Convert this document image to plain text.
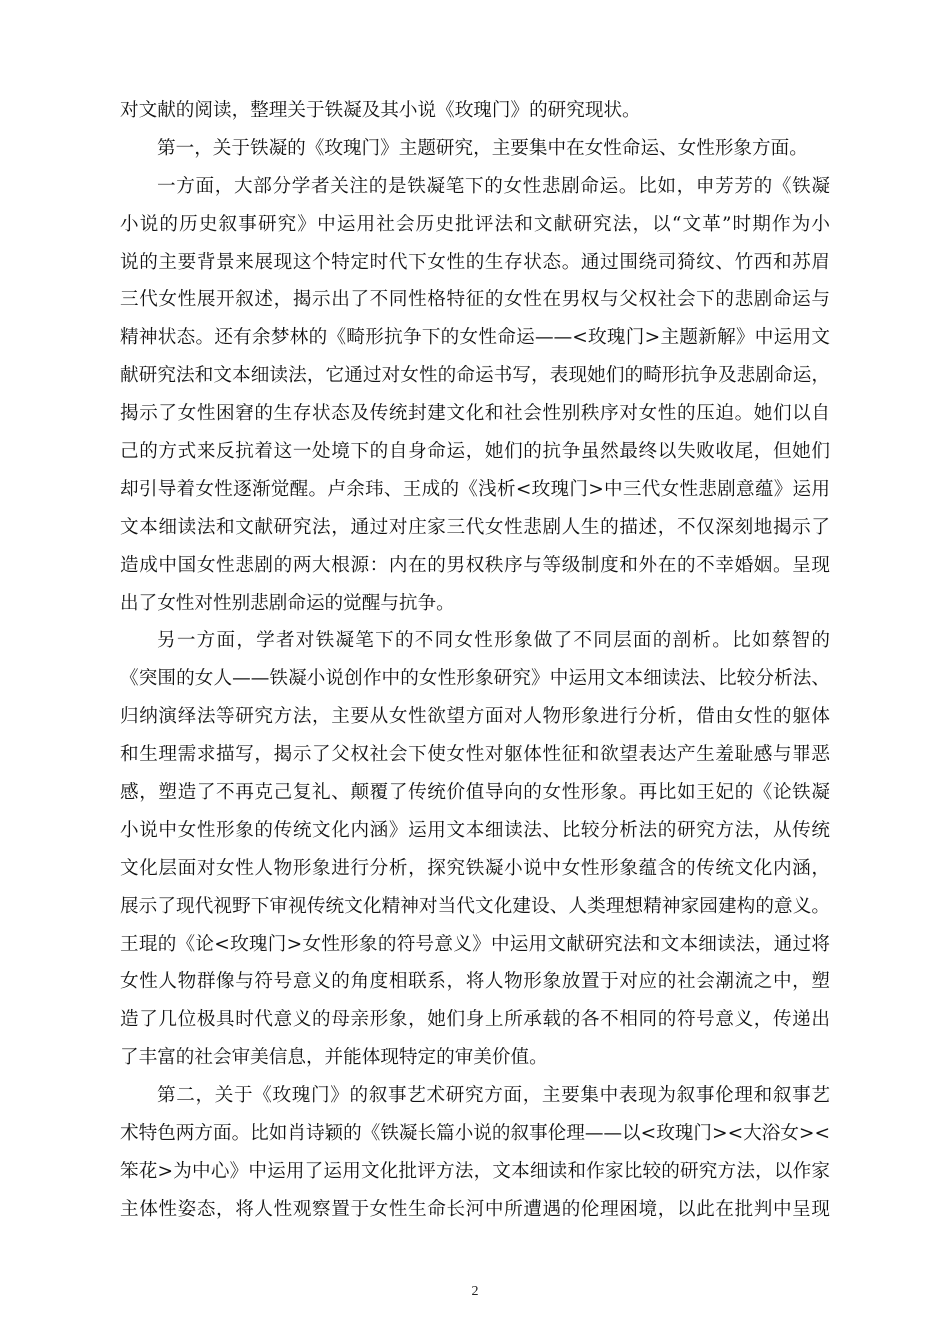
对文献的阅读，整理关于铁凝及其小说《玫瑰门》的研究现状。
第一，关于铁凝的《玫瑰门》主题研究，主要集中在女性命运、女性形象方面。
一方面，大部分学者关注的是铁凝笔下的女性悲剧命运。比如，申芳芳的《铁凝
小说的历史叙事研究》中运用社会历史批评法和文献研究法，以“文革”时期作为小
说的主要背景来展现这个特定时代下女性的生存状态。通过围绕司猗纹、竹西和苏眉
三代女性展开叙述，揭示出了不同性格特征的女性在男权与父权社会下的悲剧命运与
精神状态。还有余梦林的《畸形抗争下的女性命运——<玫瑰门>主题新解》中运用文
献研究法和文本细读法，它通过对女性的命运书写，表现她们的畸形抗争及悲剧命运，
揭示了女性困窘的生存状态及传统封建文化和社会性别秩序对女性的压迫。她们以自
己的方式来反抗着这一处境下的自身命运，她们的抗争虽然最终以失败收尾，但她们
却引导着女性逐渐觉醒。卢余玮、王成的《浅析<玫瑰门>中三代女性悲剧意蕴》运用
文本细读法和文献研究法，通过对庄家三代女性悲剧人生的描述，不仅深刻地揭示了
造成中国女性悲剧的两大根源：内在的男权秩序与等级制度和外在的不幸婚姻。呈现
出了女性对性别悲剧命运的觉醒与抗争。
另一方面，学者对铁凝笔下的不同女性形象做了不同层面的剖析。比如蔡智的
《突围的女人——铁凝小说创作中的女性形象研究》中运用文本细读法、比较分析法、
归纳演绎法等研究方法，主要从女性欲望方面对人物形象进行分析，借由女性的躯体
和生理需求描写，揭示了父权社会下使女性对躯体性征和欲望表达产生羞耻感与罪恶
感，塑造了不再克己复礼、颠覆了传统价值导向的女性形象。再比如王妃的《论铁凝
小说中女性形象的传统文化内涵》运用文本细读法、比较分析法的研究方法，从传统
文化层面对女性人物形象进行分析，探究铁凝小说中女性形象蕴含的传统文化内涵，
展示了现代视野下审视传统文化精神对当代文化建设、人类理想精神家园建构的意义。
王琨的《论<玫瑰门>女性形象的符号意义》中运用文献研究法和文本细读法，通过将
女性人物群像与符号意义的角度相联系，将人物形象放置于对应的社会潮流之中，塑
造了几位极具时代意义的母亲形象，她们身上所承载的各不相同的符号意义，传递出
了丰富的社会审美信息，并能体现特定的审美价值。
第二，关于《玫瑰门》的叙事艺术研究方面，主要集中表现为叙事伦理和叙事艺
术特色两方面。比如肖诗颖的《铁凝长篇小说的叙事伦理——以<玫瑰门><大浴女><
笨花>为中心》中运用了运用文化批评方法，文本细读和作家比较的研究方法，以作家
主体性姿态，将人性观察置于女性生命长河中所遭遇的伦理困境，以此在批判中呈现
2
